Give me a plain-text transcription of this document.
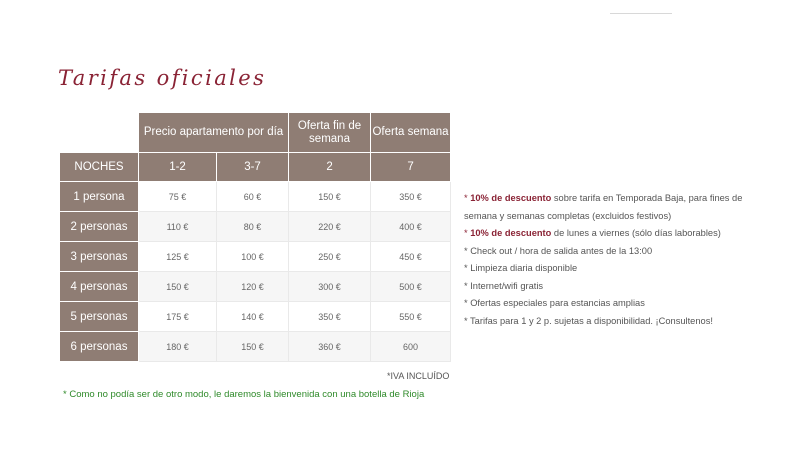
Tarifas oficiales
	Precio apartamento por día		Oferta fin de semana	Oferta semana
NOCHES	1-2	3-7	2	7
1 persona	75 €	60 €	150 €	350 €
2 personas	110 €	80 €	220 €	400 €
3 personas	125 €	100 €	250 €	450 €
4 personas	150 €	120 €	300 €	500 €
5 personas	175 €	140 €	350 €	550 €
6 personas	180 €	150 €	360 €	600
*IVA INCLUÍDO
* Como no podía ser de otro modo, le daremos la bienvenida con una botella de Rioja

* 10% de descuento sobre tarifa en Temporada Baja, para fines de semana y semanas completas (excluidos festivos)

* 10% de descuento de lunes a viernes (sólo días laborables)

* Check out / hora de salida antes de la 13:00

* Limpieza diaria disponible

* Internet/wifi gratis

* Ofertas especiales para estancias amplias

* Tarifas para 1 y 2 p. sujetas a disponibilidad. ¡Consultenos!
